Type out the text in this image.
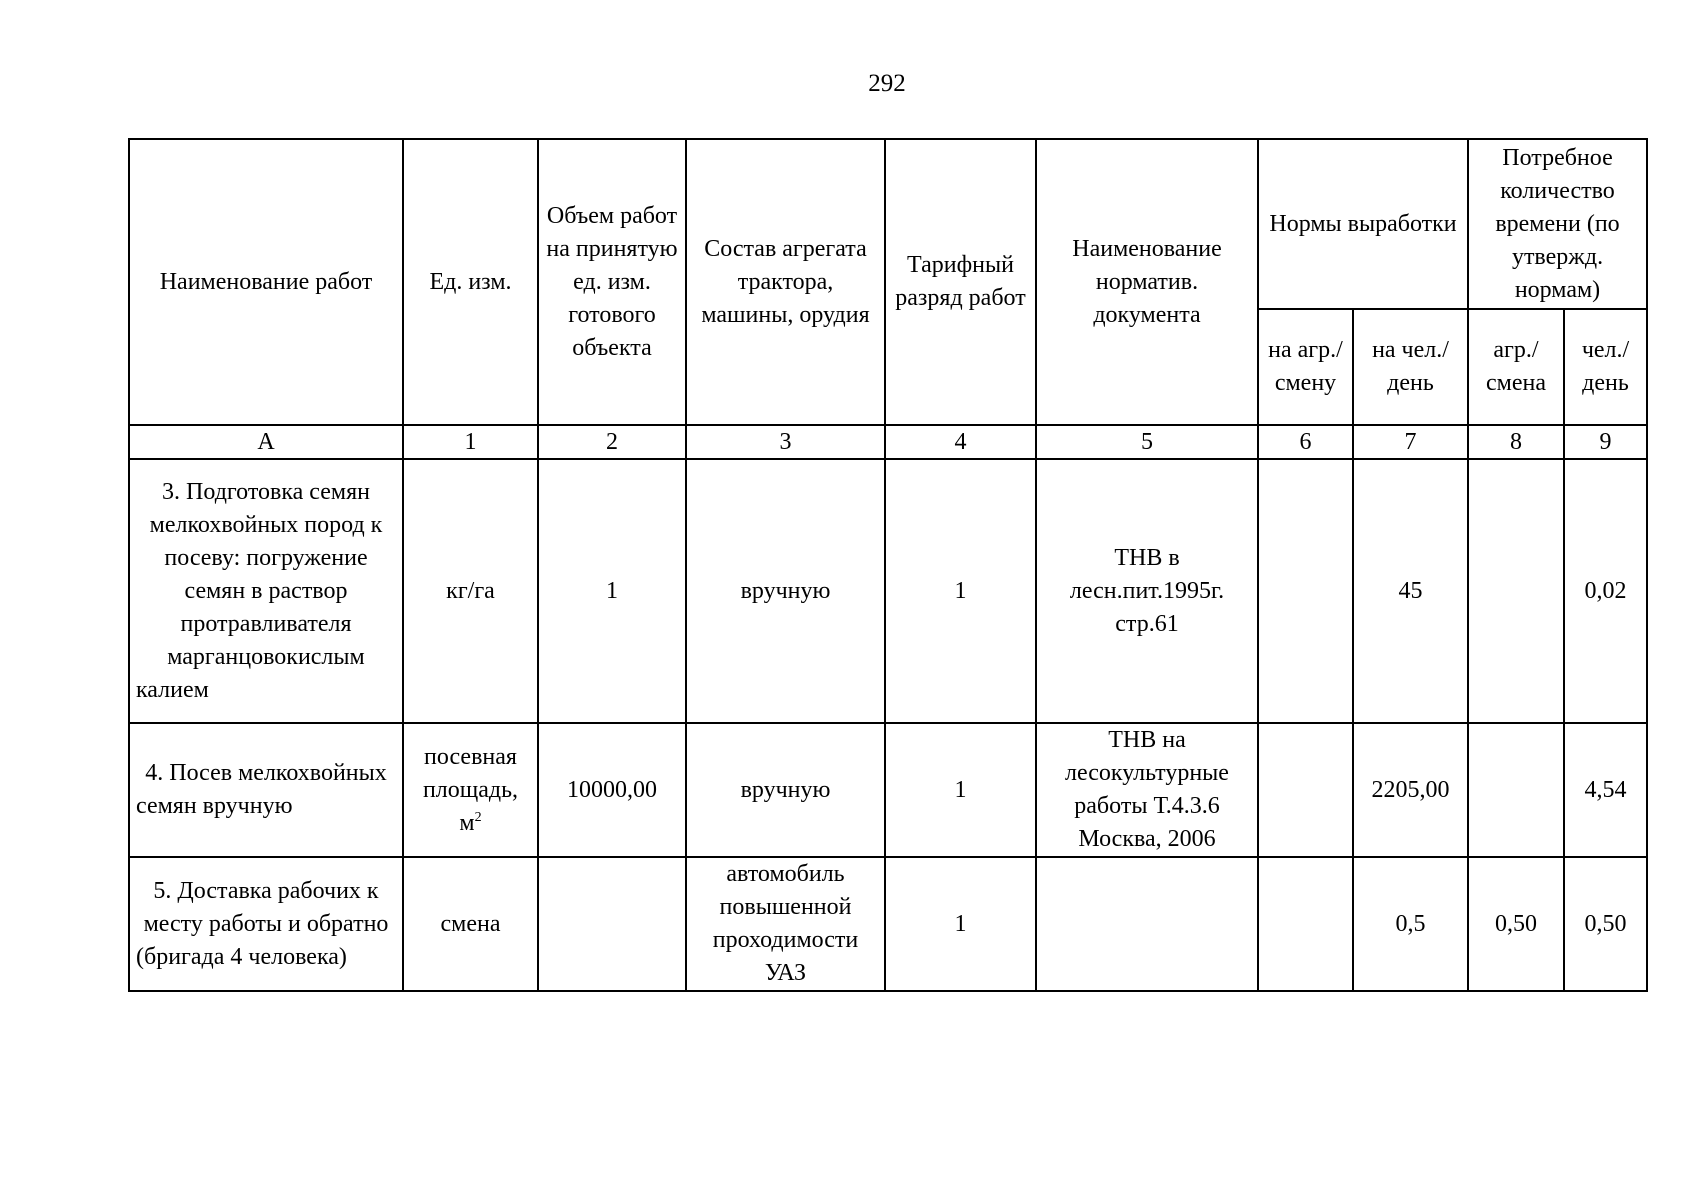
292
Наименование работ	Ед. изм.	Объем работ на принятую ед. изм. готового объекта	Состав агрегата трактора, машины, орудия	Тарифный разряд работ	Наименование норматив. документа	Нормы выработки		Потребное количество времени (по утвержд. нормам)	
						на агр./ смену	на чел./ день	агр./ смена	чел./ день
А	1	2	3	4	5	6	7	8	9
3. Подготовка семян мелкохвойных пород к посеву: погружение семян в раствор протравливателя марганцовокислым калием	кг/га	1	вручную	1	ТНВ в лесн.пит.1995г. стр.61		45		0,02
4. Посев мелкохвойных семян вручную	посевная площадь, $м^2$	10000,00	вручную	1	ТНВ на лесокультурные работы Т.4.3.6 Москва, 2006		2205,00		4,54
5. Доставка рабочих к месту работы и обратно (бригада 4 человека)	смена		автомобиль повышенной проходимости УАЗ	1			0,5	0,50	0,50
